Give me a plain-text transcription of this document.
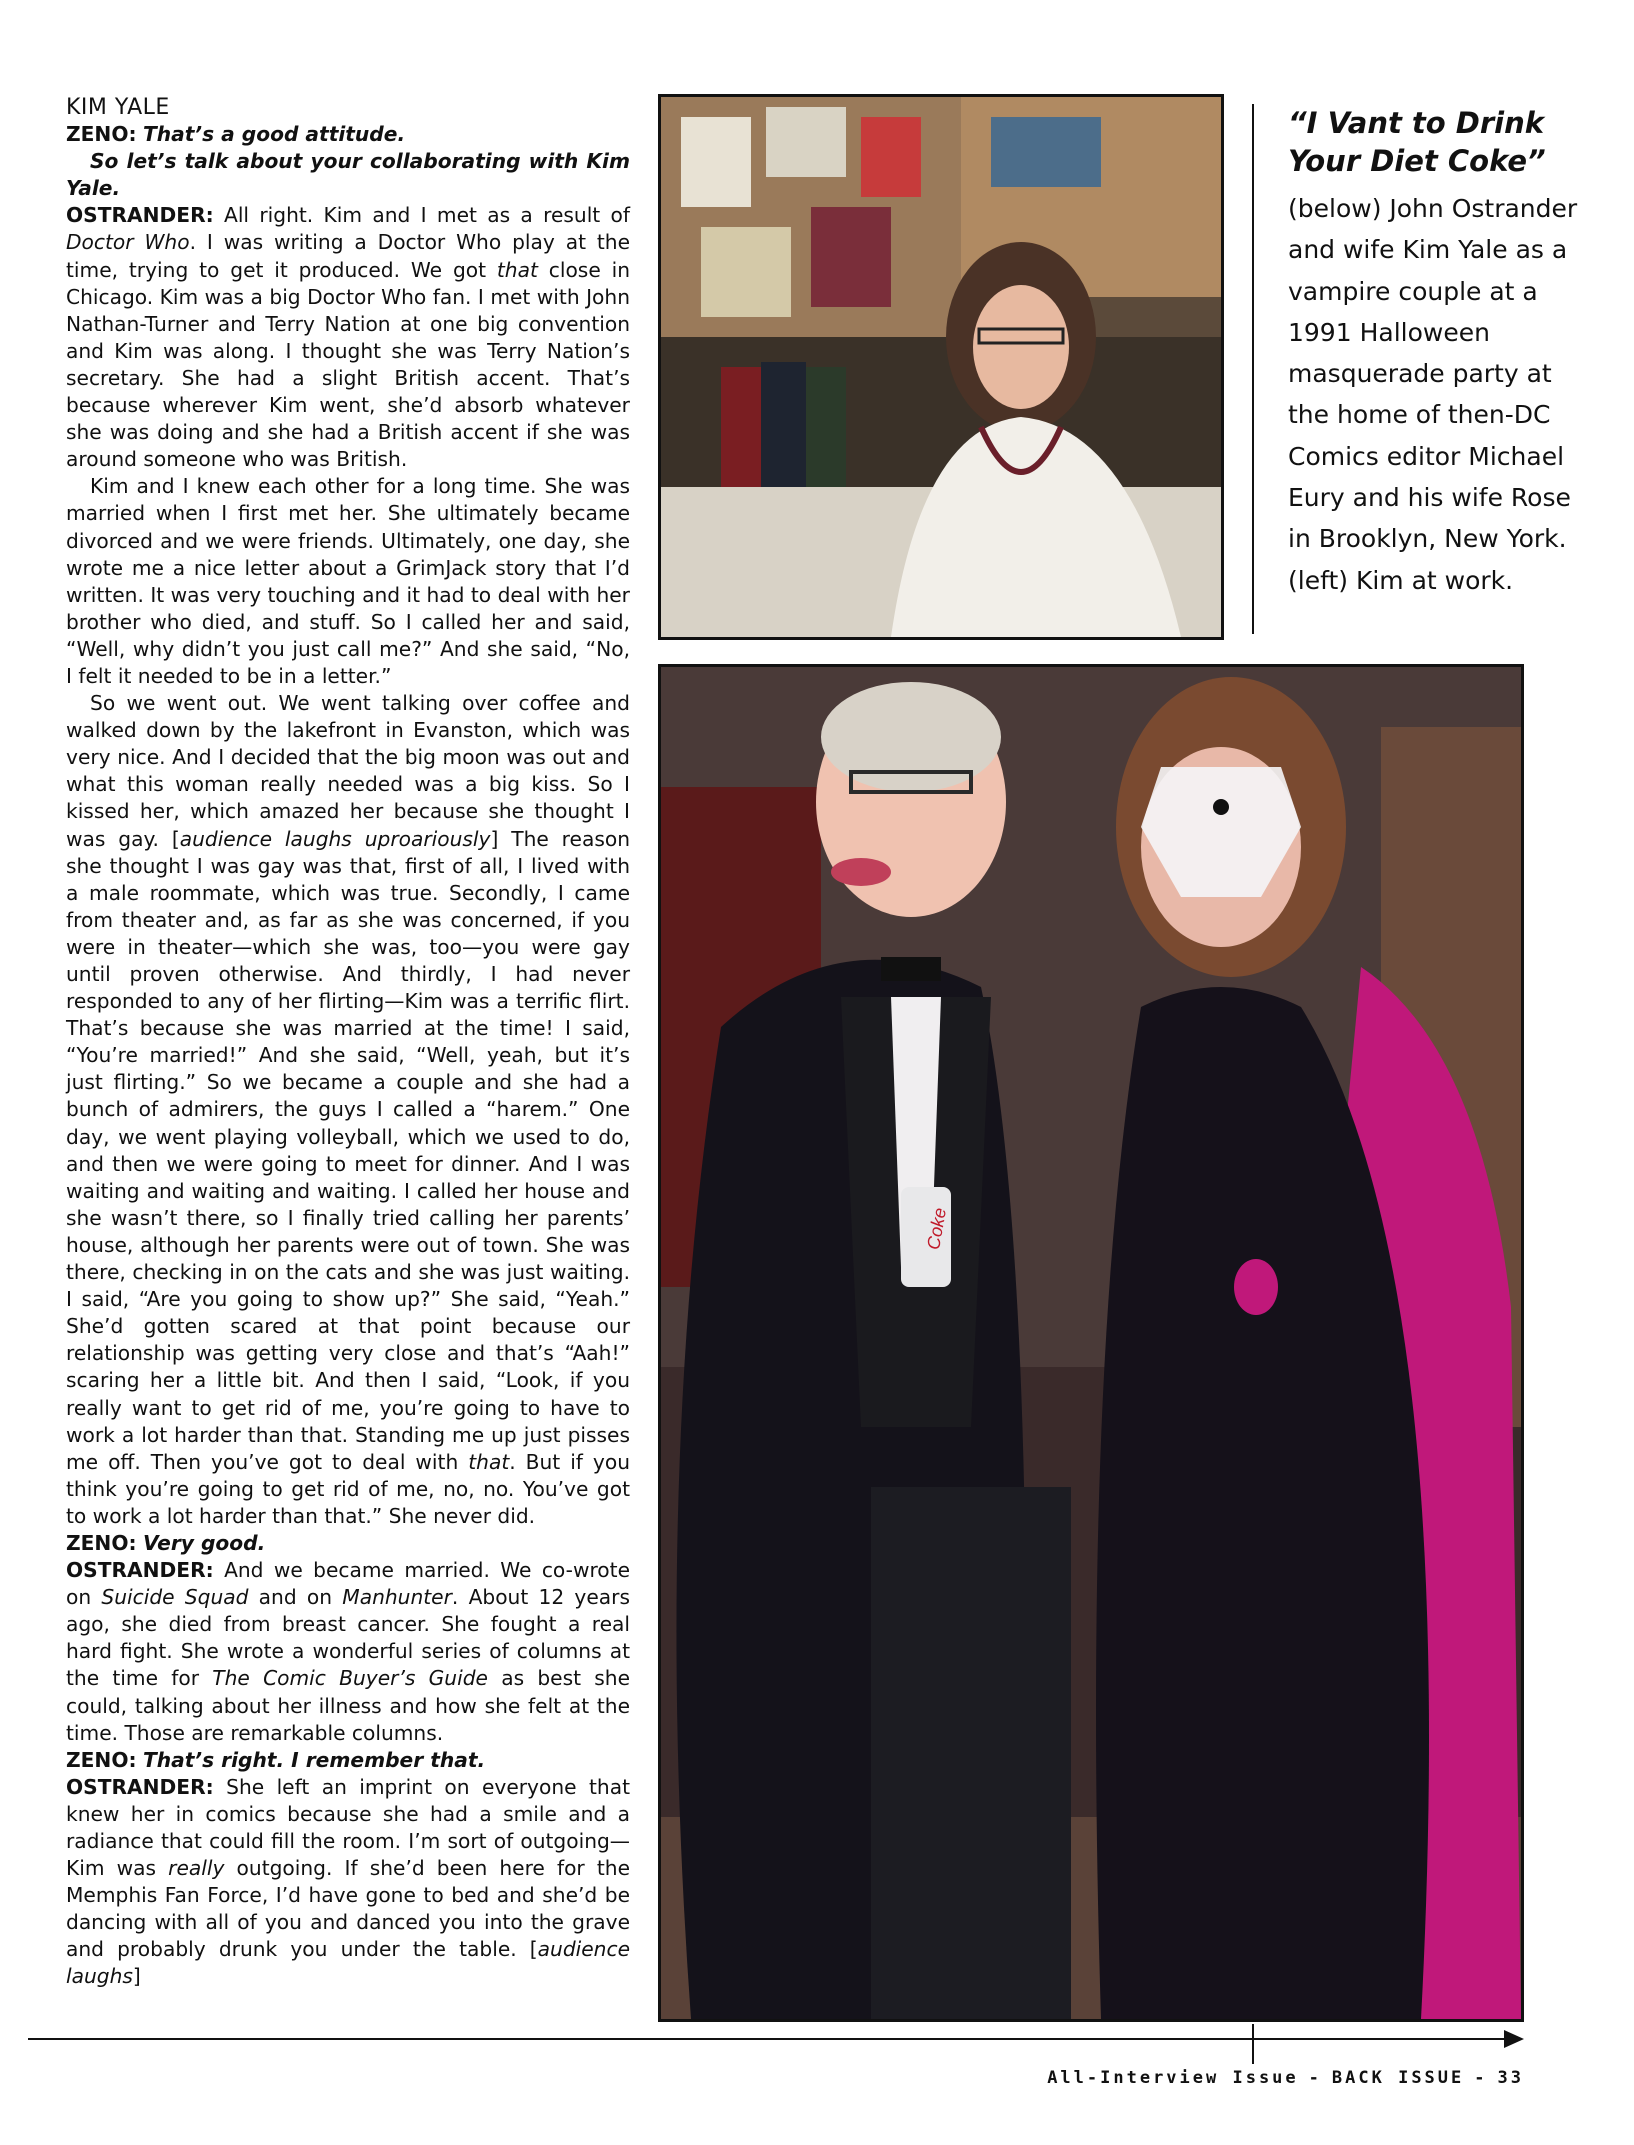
KIM YALE

ZENO: That’s a good attitude.

So let’s talk about your collaborating with Kim Yale.

OSTRANDER: All right. Kim and I met as a result of Doctor Who. I was writing a Doctor Who play at the time, trying to get it produced. We got that close in Chicago. Kim was a big Doctor Who fan. I met with John Nathan-Turner and Terry Nation at one big convention and Kim was along. I thought she was Terry Nation’s secretary. She had a slight British accent. That’s because wherever Kim went, she’d absorb whatever she was doing and she had a British accent if she was around someone who was British.

Kim and I knew each other for a long time. She was married when I first met her. She ultimately became divorced and we were friends. Ultimately, one day, she wrote me a nice letter about a GrimJack story that I’d written. It was very touching and it had to deal with her brother who died, and stuff. So I called her and said, “Well, why didn’t you just call me?” And she said, “No, I felt it needed to be in a letter.”

So we went out. We went talking over coffee and walked down by the lakefront in Evanston, which was very nice. And I decided that the big moon was out and what this woman really needed was a big kiss. So I kissed her, which amazed her because she thought I was gay. [audience laughs uproariously] The reason she thought I was gay was that, first of all, I lived with a male roommate, which was true. Secondly, I came from theater and, as far as she was concerned, if you were in theater—which she was, too—you were gay until proven otherwise. And thirdly, I had never responded to any of her flirting—Kim was a terrific flirt. That’s because she was married at the time! I said, “You’re married!” And she said, “Well, yeah, but it’s just flirting.” So we became a couple and she had a bunch of admirers, the guys I called a “harem.” One day, we went playing volleyball, which we used to do, and then we were going to meet for dinner. And I was waiting and waiting and waiting. I called her house and she wasn’t there, so I finally tried calling her parents’ house, although her parents were out of town. She was there, checking in on the cats and she was just waiting. I said, “Are you going to show up?” She said, “Yeah.” She’d gotten scared at that point because our relationship was getting very close and that’s “Aah!” scaring her a little bit. And then I said, “Look, if you really want to get rid of me, you’re going to have to work a lot harder than that. Standing me up just pisses me off. Then you’ve got to deal with that. But if you think you’re going to get rid of me, no, no. You’ve got to work a lot harder than that.” She never did.

ZENO: Very good.

OSTRANDER: And we became married. We co-wrote on Suicide Squad and on Manhunter. About 12 years ago, she died from breast cancer. She fought a real hard fight. She wrote a wonderful series of columns at the time for The Comic Buyer’s Guide as best she could, talking about her illness and how she felt at the time. Those are remarkable columns.

ZENO: That’s right. I remember that.

OSTRANDER: She left an imprint on everyone that knew her in comics because she had a smile and a radiance that could fill the room. I’m sort of outgoing—Kim was really outgoing. If she’d been here for the Memphis Fan Force, I’d have gone to bed and she’d be dancing with all of you and danced you into the grave and probably drunk you under the table. [audience laughs]

“I Vant to Drink Your Diet Coke”
(below) John Ostrander and wife Kim Yale as a vampire couple at a 1991 Halloween masquerade party at the home of then-DC Comics editor Michael Eury and his wife Rose in Brooklyn, New York. (left) Kim at work.
Coke
All-Interview Issue - BACK ISSUE - 33
